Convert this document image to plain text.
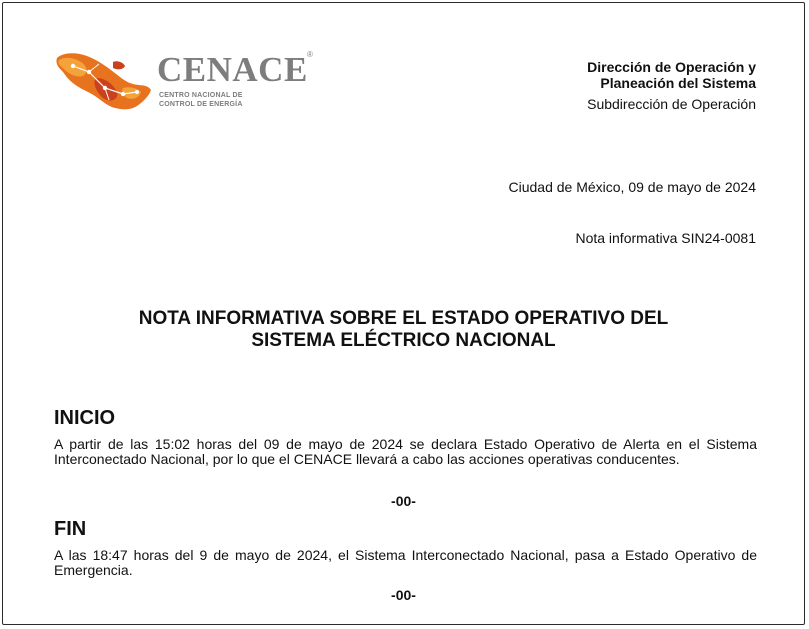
CENACE ®
CENTRO NACIONAL DE
CONTROL DE ENERGÍA
Dirección de Operación y
Planeación del Sistema
Subdirección de Operación
Ciudad de México, 09 de mayo de 2024
Nota informativa SIN24-0081
NOTA INFORMATIVA SOBRE EL ESTADO OPERATIVO DEL
SISTEMA ELÉCTRICO NACIONAL
INICIO
A partir de las 15:02 horas del 09 de mayo de 2024 se declara Estado Operativo de Alerta en el Sistema Interconectado Nacional, por lo que el CENACE llevará a cabo las acciones operativas conducentes.
-00-
FIN
A las 18:47 horas del 9 de mayo de 2024, el Sistema Interconectado Nacional, pasa a Estado Operativo de Emergencia.
-00-
